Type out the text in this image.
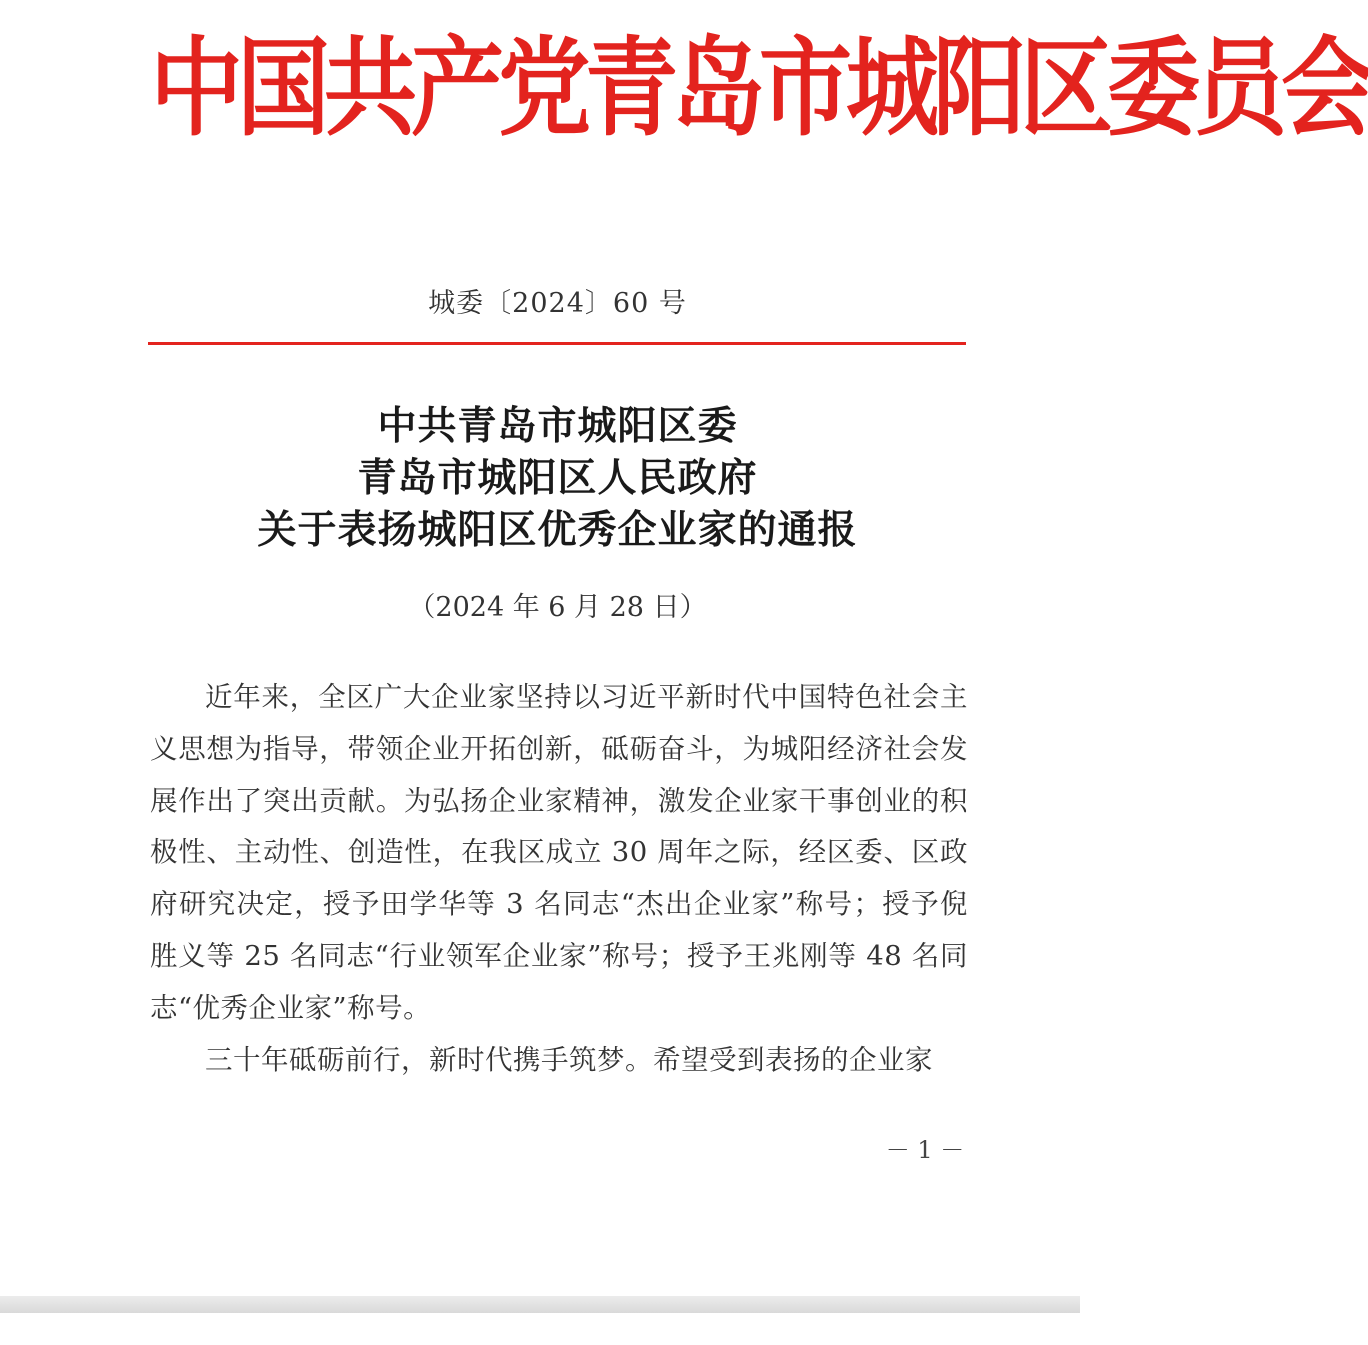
中国共产党青岛市城阳区委员会
城委〔2024〕60 号
中共青岛市城阳区委
青岛市城阳区人民政府
关于表扬城阳区优秀企业家的通报
（2024 年 6 月 28 日）

近年来，全区广大企业家坚持以习近平新时代中国特色社会主义思想为指导，带领企业开拓创新，砥砺奋斗，为城阳经济社会发展作出了突出贡献。为弘扬企业家精神，激发企业家干事创业的积极性、主动性、创造性，在我区成立 30 周年之际，经区委、区政府研究决定，授予田学华等 3 名同志“杰出企业家”称号；授予倪胜义等 25 名同志“行业领军企业家”称号；授予王兆刚等 48 名同志“优秀企业家”称号。

三十年砥砺前行，新时代携手筑梦。希望受到表扬的企业家

－ 1 －
